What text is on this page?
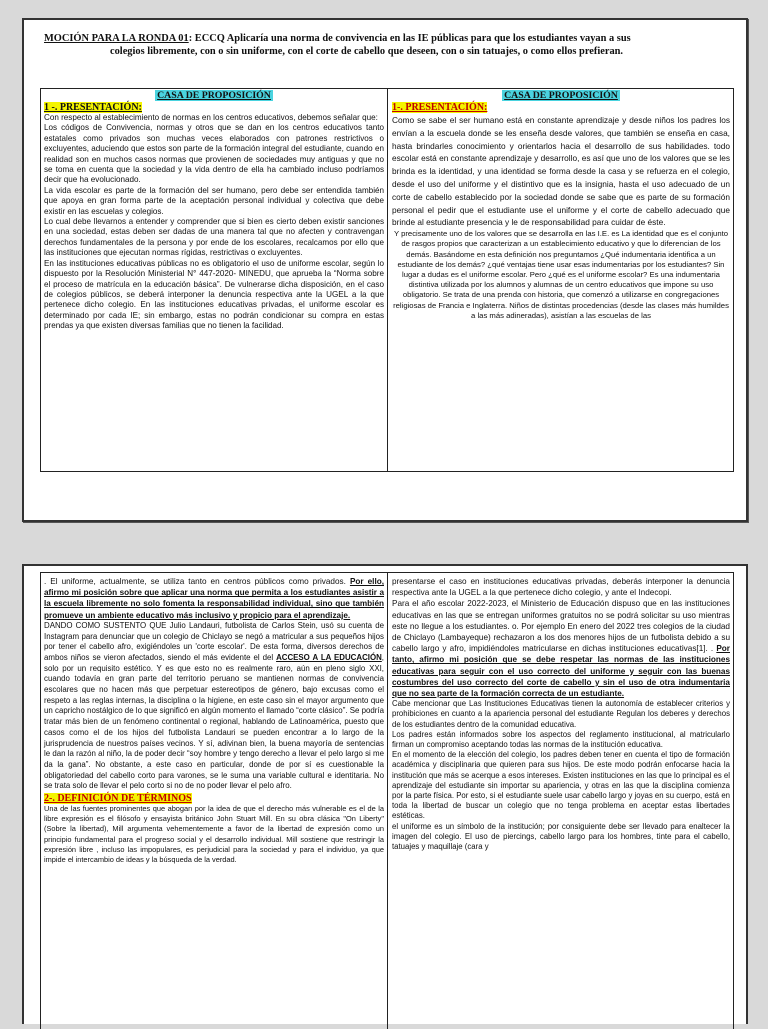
MOCIÓN PARA LA RONDA 01: ECCQ Aplicaría una norma de convivencia en las IE públicas para que los estudiantes vayan a sus
colegios libremente, con o sin uniforme, con el corte de cabello que deseen, con o sin tatuajes, o como ellos prefieran.
CASA DE PROPOSICIÓN
1 -. PRESENTACIÓN:

Con respecto al establecimiento de normas en los centros educativos, debemos señalar que:

Los códigos de Convivencia, normas y otros que se dan en los centros educativos tanto estatales como privados son muchas veces elaborados con patrones restrictivos o excluyentes, aduciendo que estos son parte de la formación integral del estudiante, cuando en realidad son en muchos casos normas que provienen de sociedades muy antiguas y que no se toma en cuenta que la sociedad y la vida dentro de ella ha cambiado incluso podríamos decir que ha evolucionado.

La vida escolar es parte de la formación del ser humano, pero debe ser entendida también que apoya en gran forma parte de la aceptación personal individual y colectiva que debe existir en las escuelas y colegios.

Lo cual debe llevarnos a entender y comprender que si bien es cierto deben existir sanciones en una sociedad, estas deben ser dadas de una manera tal que no afecten y contravengan derechos fundamentales de la persona y por ende de los escolares, recalcamos por ello que las instituciones que ejecutan normas rígidas, restrictivas o excluyentes.

En las instituciones educativas públicas no es obligatorio el uso de uniforme escolar, según lo dispuesto por la Resolución Ministerial N° 447-2020- MINEDU, que aprueba la “Norma sobre el proceso de matrícula en la educación básica”. De vulnerarse dicha disposición, en el caso de colegios públicos, se deberá interponer la denuncia respectiva ante la UGEL a la que pertenece dicho colegio. En las instituciones educativas privadas, el uniforme escolar es determinado por cada IE; sin embargo, estas no podrán condicionar su compra en estas prendas ya que existen diversas familias que no tienen la facilidad.

CASA DE PROPOSICIÓN
1-. PRESENTACIÓN:

Como se sabe el ser humano está en constante aprendizaje y desde niños los padres los envían a la escuela donde se les enseña desde valores, que también se enseña en casa, hasta brindarles conocimiento y orientarlos hacia el desarrollo de sus habilidades. todo escolar está en constante aprendizaje y desarrollo, es así que uno de los valores que se les brinda es la identidad, y una identidad se forma desde la casa y se refuerza en el colegio, desde el uso del uniforme y el distintivo que es la insignia, hasta el uso adecuado de un corte de cabello establecido por la sociedad donde se sabe que es parte de su formación personal el pedir que el estudiante use el uniforme y el corte de cabello adecuado que brinde al estudiante presencia y le de responsabilidad para cuidar de éste.

Y precisamente uno de los valores que se desarrolla en las I.E. es La identidad que es el conjunto de rasgos propios que caracterizan a un establecimiento educativo y que lo diferencian de los demás. Basándome en esta definición nos preguntamos ¿Qué indumentaria identifica a un estudiante de los demás? ¿qué ventajas tiene usar esas indumentarias por los estudiantes? Sin lugar a dudas es el uniforme escolar. Pero ¿qué es el uniforme escolar? Es una indumentaria distintiva utilizada por los alumnos y alumnas de un centro educativos que impone su uso obligatorio. Se trata de una prenda con historia, que comenzó a utilizarse en congregaciones religiosas de Francia e Inglaterra. Niños de distintas procedencias (desde las clases más humildes a las más adineradas), asistían a las escuelas de las

. El uniforme, actualmente, se utiliza tanto en centros públicos como privados. Por ello, afirmo mi posición sobre que aplicar una norma que permita a los estudiantes asistir a la escuela libremente no solo fomenta la responsabilidad individual, sino que también promueve un ambiente educativo más inclusivo y propicio para el aprendizaje.

DANDO COMO SUSTENTO QUE Julio Landauri, futbolista de Carlos Stein, usó su cuenta de Instagram para denunciar que un colegio de Chiclayo se negó a matricular a sus pequeños hijos por tener el cabello afro, exigiéndoles un 'corte escolar'. De esta forma, diversos derechos de ambos niños se vieron afectados, siendo el más evidente el del ACCESO A LA EDUCACIÓN, solo por un requisito estético. Y es que esto no es realmente raro, aún en pleno siglo XXI, cuando todavía en gran parte del territorio peruano se mantienen normas de convivencia escolares que no hacen más que perpetuar estereotipos de género, bajo excusas como el respeto a las reglas internas, la disciplina o la higiene, en este caso sin el mayor argumento que un capricho nostálgico de lo que significó en algún momento el llamado “corte clásico”. Se podría tratar más bien de un fenómeno continental o regional, hablando de Latinoamérica, puesto que casos como el de los hijos del futbolista Landauri se pueden encontrar a lo largo de la jurisprudencia de nuestros países vecinos. Y sí, adivinan bien, la buena mayoría de sentencias le dan la razón al niño, la de poder decir “soy hombre y tengo derecho a llevar el pelo largo si me da la gana”. No obstante, a este caso en particular, donde de por sí es cuestionable la obligatoriedad del cabello corto para varones, se le suma una variable cultural e identitaria. No se trata solo de llevar el pelo corto si no de no poder llevar el pelo afro.

2-. DEFINICIÓN DE TÉRMINOS

Una de las fuentes prominentes que abogan por la idea de que el derecho más vulnerable es el de la libre expresión es el filósofo y ensayista británico John Stuart Mill. En su obra clásica "On Liberty" (Sobre la libertad), Mill argumenta vehementemente a favor de la libertad de expresión como un principio fundamental para el progreso social y el desarrollo individual. Mill sostiene que restringir la expresión libre , incluso las impopulares, es perjudicial para la sociedad y para el individuo, ya que impide el intercambio de ideas y la búsqueda de la verdad.

presentarse el caso en instituciones educativas privadas, deberás interponer la denuncia respectiva ante la UGEL a la que pertenece dicho colegio, y ante el Indecopi.

Para el año escolar 2022-2023, el Ministerio de Educación dispuso que en las instituciones educativas en las que se entregan uniformes gratuitos no se podrá solicitar su uso mientras este no llegue a los estudiantes. o. Por ejemplo En enero del 2022 tres colegios de la ciudad de Chiclayo (Lambayeque) rechazaron a los dos menores hijos de un futbolista debido a su cabello largo y afro, impidiéndoles matricularse en dichas instituciones educativas[1]. . Por tanto, afirmo mi posición que se debe respetar las normas de las instituciones educativas para seguir con el uso correcto del uniforme y seguir con las buenas costumbres del uso correcto del corte de cabello y sin el uso de otra indumentaria que no sea parte de la formación correcta de un estudiante.

Cabe mencionar que Las Instituciones Educativas tienen la autonomía de establecer criterios y prohibiciones en cuanto a la apariencia personal del estudiante Regulan los deberes y derechos de los estudiantes dentro de la comunidad educativa.

Los padres están informados sobre los aspectos del reglamento institucional, al matricularlo firman un compromiso aceptando todas las normas de la institución educativa.

En el momento de la elección del colegio, los padres deben tener en cuenta el tipo de formación académica y disciplinaria que quieren para sus hijos. De este modo podrán enfocarse hacia la institución que más se acerque a esos intereses. Existen instituciones en las que lo principal es el aprendizaje del estudiante sin importar su apariencia, y otras en las que la disciplina comienza por la parte física. Por esto, si el estudiante suele usar cabello largo y joyas en su cuerpo, está en toda la libertad de buscar un colegio que no tenga problema en aceptar estas libertades estéticas.

el uniforme es un símbolo de la institución; por consiguiente debe ser llevado para enaltecer la imagen del colegio. El uso de piercings, cabello largo para los hombres, tinte para el cabello, tatuajes y maquillaje (cara y
